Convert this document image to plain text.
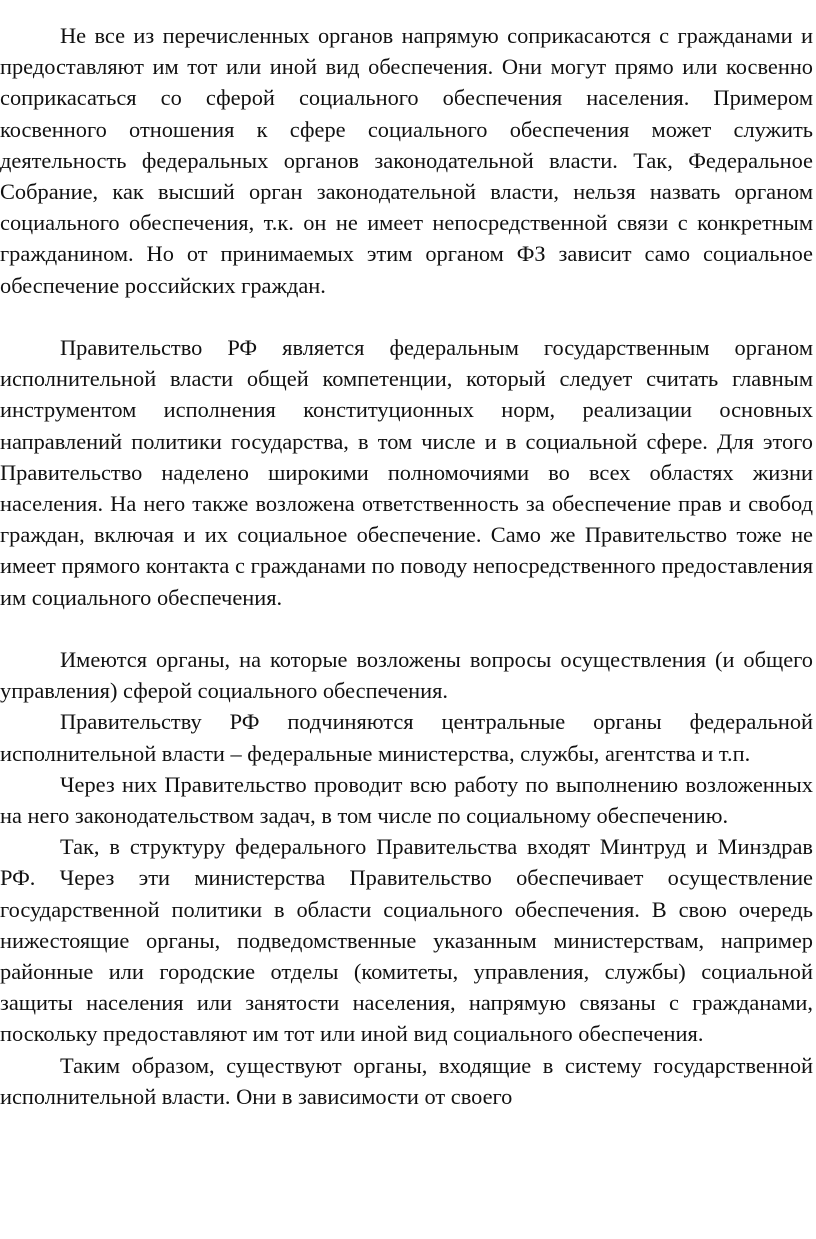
Не все из перечисленных органов напрямую соприкасаются с гражданами и предоставляют им тот или иной вид обеспечения. Они могут прямо или косвенно соприкасаться со сферой социального обеспечения населения. Примером косвенного отношения к сфере социального обеспечения может служить деятельность федеральных органов законодательной власти. Так, Федеральное Собрание, как высший орган законодательной власти, нельзя назвать органом социального обеспечения, т.к. он не имеет непосредственной связи с конкретным гражданином. Но от принимаемых этим органом ФЗ зависит само социальное обеспечение российских граждан.

Правительство РФ является федеральным государственным органом исполнительной власти общей компетенции, который следует считать главным инструментом исполнения конституционных норм, реализации основных направлений политики государства, в том числе и в социальной сфере. Для этого Правительство наделено широкими полномочиями во всех областях жизни населения. На него также возложена ответственность за обеспечение прав и свобод граждан, включая и их социальное обеспечение. Само же Правительство тоже не имеет прямого контакта с гражданами по поводу непосредственного предоставления им социального обеспечения.

Имеются органы, на которые возложены вопросы осуществления (и общего управления) сферой социального обеспечения.

Правительству РФ подчиняются центральные органы федеральной исполнительной власти – федеральные министерства, службы, агентства и т.п.

Через них Правительство проводит всю работу по выполнению возложенных на него законодательством задач, в том числе по социальному обеспечению.

Так, в структуру федерального Правительства входят Минтруд и Минздрав РФ. Через эти министерства Правительство обеспечивает осуществление государственной политики в области социального обеспечения. В свою очередь нижестоящие органы, подведомственные указанным министерствам, например районные или городские отделы (комитеты, управления, службы) социальной защиты населения или занятости населения, напрямую связаны с гражданами, поскольку предоставляют им тот или иной вид социального обеспечения.

Таким образом, существуют органы, входящие в систему государственной исполнительной власти. Они в зависимости от своего
